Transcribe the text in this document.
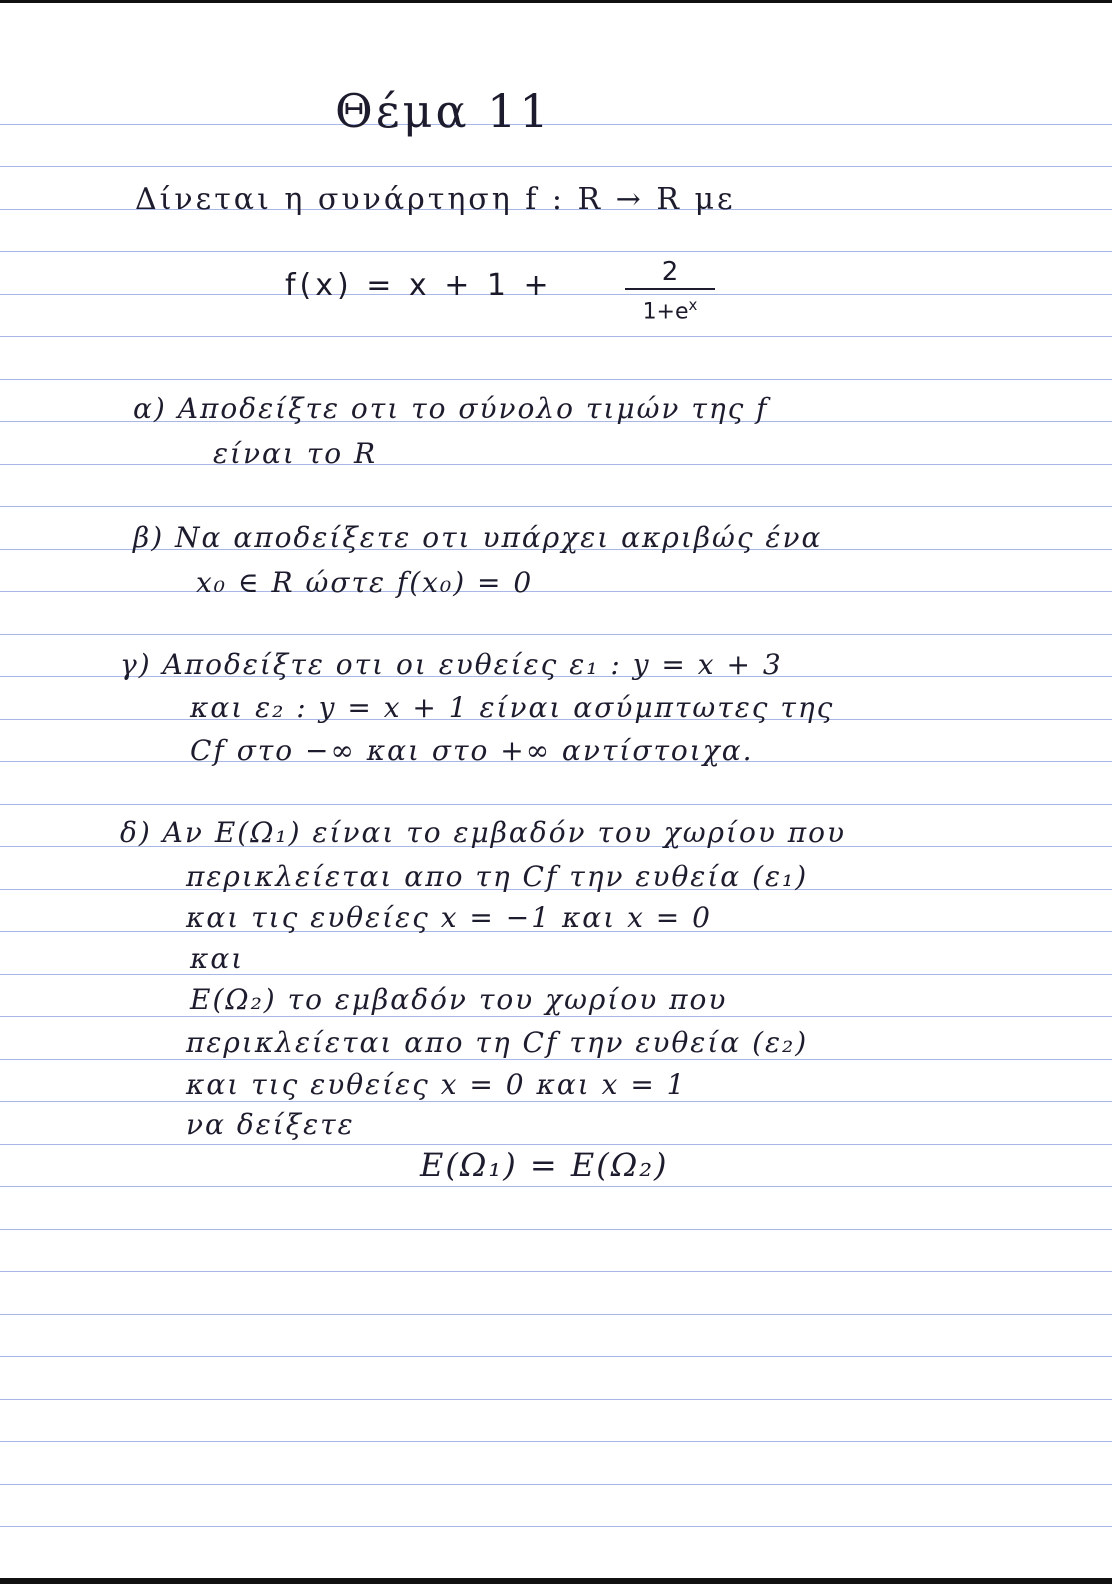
Θέμα 11
Δίνεται η συνάρτηση f : R → R με
f(x) = x + 1 +	2
$1+e^x$
α) Αποδείξτε οτι το σύνολο τιμών της f
είναι το R
β) Να αποδείξετε οτι υπάρχει ακριβώς ένα
x₀ ∈ R ώστε f(x₀) = 0
γ) Αποδείξτε οτι οι ευθείες ε₁ : y = x + 3
και ε₂ : y = x + 1 είναι ασύμπτωτες της
Cf στο −∞ και στο +∞ αντίστοιχα.
δ) Αν E(Ω₁) είναι το εμβαδόν του χωρίου που
περικλείεται απο τη Cf την ευθεία (ε₁)
και τις ευθείες x = −1 και x = 0
και
E(Ω₂) το εμβαδόν του χωρίου που
περικλείεται απο τη Cf την ευθεία (ε₂)
και τις ευθείες x = 0 και x = 1
να δείξετε
E(Ω₁) = E(Ω₂)
